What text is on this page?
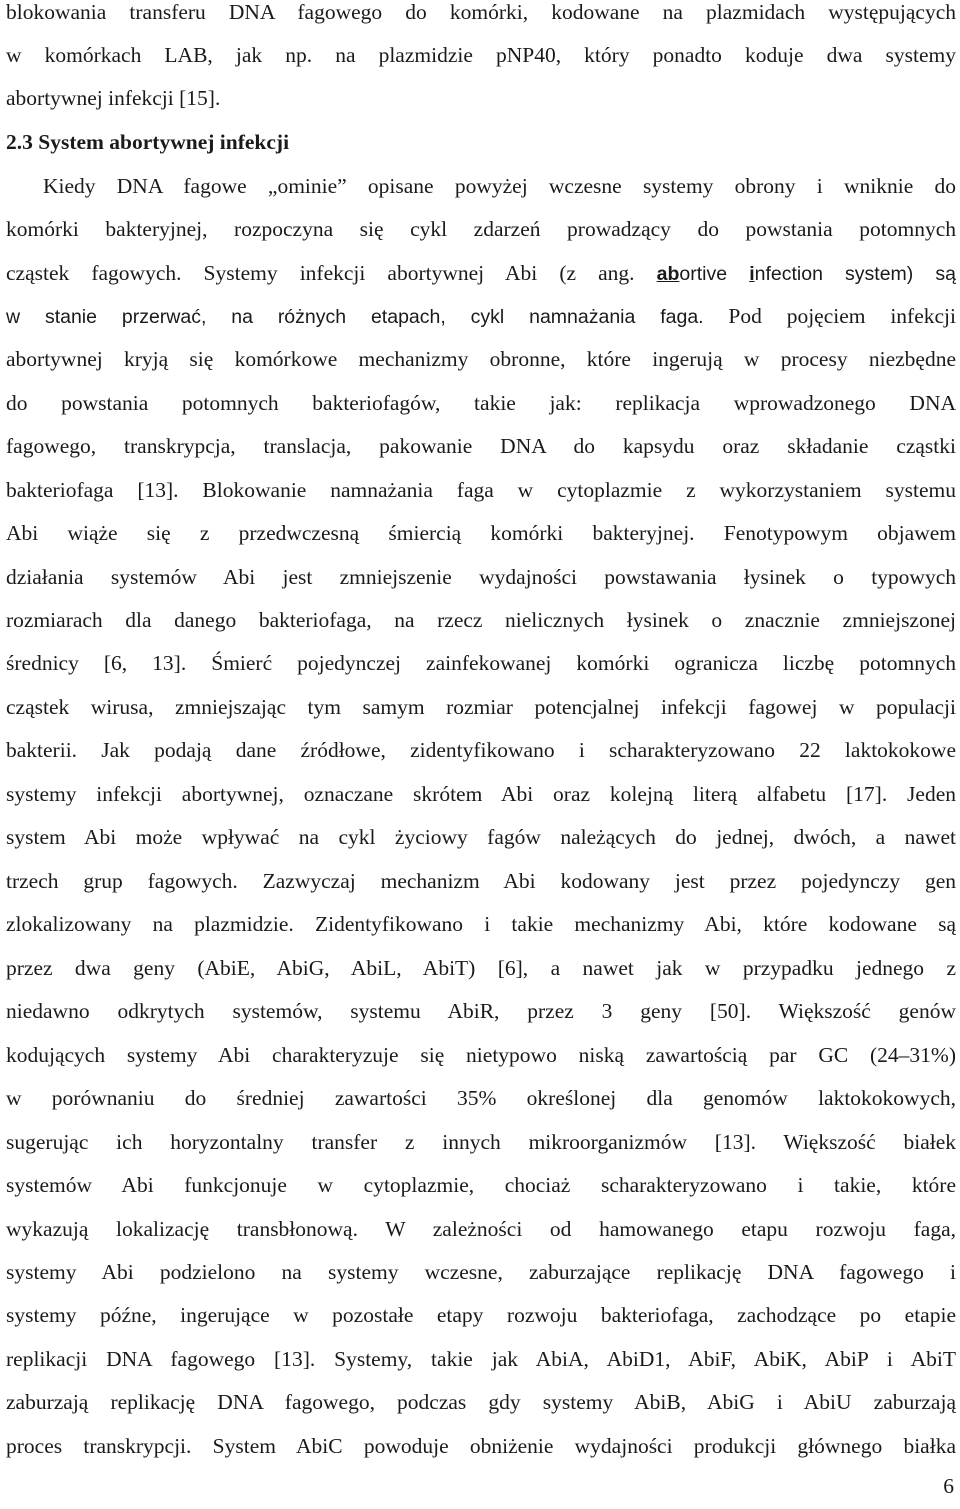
blokowania transferu DNA fagowego do komórki, kodowane na plazmidach występujących
w komórkach LAB, jak np. na plazmidzie pNP40, który ponadto koduje dwa systemy
abortywnej infekcji [15].
2.3 System abortywnej infekcji
Kiedy DNA fagowe „ominie” opisane powyżej wczesne systemy obrony i wniknie do
komórki bakteryjnej, rozpoczyna się cykl zdarzeń prowadzący do powstania potomnych
cząstek fagowych. Systemy infekcji abortywnej Abi (z ang. abortive infection system) są
w stanie przerwać, na różnych etapach, cykl namnażania faga. Pod pojęciem infekcji
abortywnej kryją się komórkowe mechanizmy obronne, które ingerują w procesy niezbędne
do powstania potomnych bakteriofagów, takie jak: replikacja wprowadzonego DNA
fagowego, transkrypcja, translacja, pakowanie DNA do kapsydu oraz składanie cząstki
bakteriofaga [13]. Blokowanie namnażania faga w cytoplazmie z wykorzystaniem systemu
Abi wiąże się z przedwczesną śmiercią komórki bakteryjnej. Fenotypowym objawem
działania systemów Abi jest zmniejszenie wydajności powstawania łysinek o typowych
rozmiarach dla danego bakteriofaga, na rzecz nielicznych łysinek o znacznie zmniejszonej
średnicy [6, 13]. Śmierć pojedynczej zainfekowanej komórki ogranicza liczbę potomnych
cząstek wirusa, zmniejszając tym samym rozmiar potencjalnej infekcji fagowej w populacji
bakterii. Jak podają dane źródłowe, zidentyfikowano i scharakteryzowano 22 laktokokowe
systemy infekcji abortywnej, oznaczane skrótem Abi oraz kolejną literą alfabetu [17]. Jeden
system Abi może wpływać na cykl życiowy fagów należących do jednej, dwóch, a nawet
trzech grup fagowych. Zazwyczaj mechanizm Abi kodowany jest przez pojedynczy gen
zlokalizowany na plazmidzie. Zidentyfikowano i takie mechanizmy Abi, które kodowane są
przez dwa geny (AbiE, AbiG, AbiL, AbiT) [6], a nawet jak w przypadku jednego z
niedawno odkrytych systemów, systemu AbiR, przez 3 geny [50]. Większość genów
kodujących systemy Abi charakteryzuje się nietypowo niską zawartością par GC (24–31%)
w porównaniu do średniej zawartości 35% określonej dla genomów laktokokowych,
sugerując ich horyzontalny transfer z innych mikroorganizmów [13]. Większość białek
systemów Abi funkcjonuje w cytoplazmie, chociaż scharakteryzowano i takie, które
wykazują lokalizację transbłonową. W zależności od hamowanego etapu rozwoju faga,
systemy Abi podzielono na systemy wczesne, zaburzające replikację DNA fagowego i
systemy późne, ingerujące w pozostałe etapy rozwoju bakteriofaga, zachodzące po etapie
replikacji DNA fagowego [13]. Systemy, takie jak AbiA, AbiD1, AbiF, AbiK, AbiP i AbiT
zaburzają replikację DNA fagowego, podczas gdy systemy AbiB, AbiG i AbiU zaburzają
proces transkrypcji. System AbiC powoduje obniżenie wydajności produkcji głównego białka
6
